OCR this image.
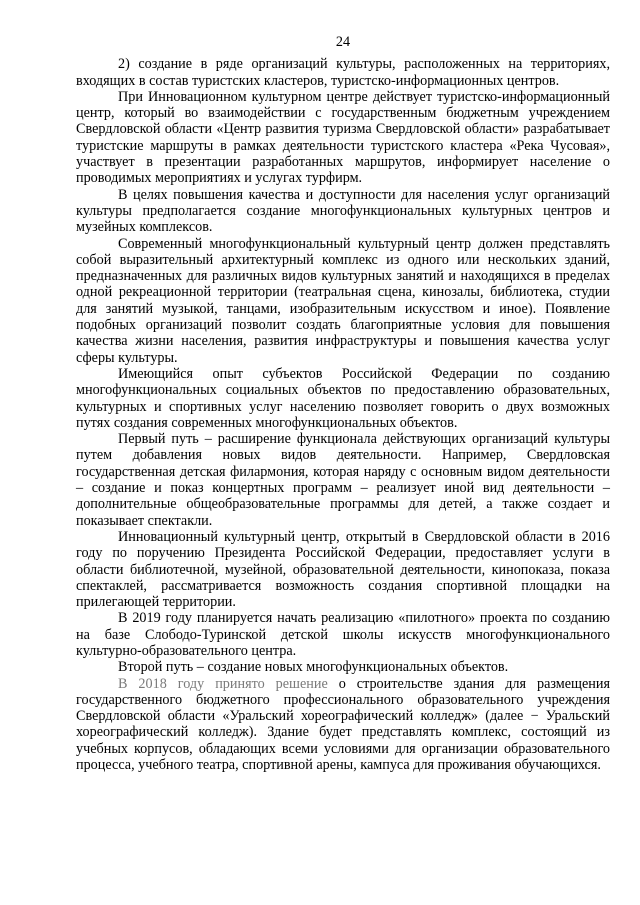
24

2) создание в ряде организаций культуры, расположенных на территориях, входящих в состав туристских кластеров, туристско-информационных центров.

При Инновационном культурном центре действует туристско-информационный центр, который во взаимодействии с государственным бюджетным учреждением Свердловской области «Центр развития туризма Свердловской области» разрабатывает туристские маршруты в рамках деятельности туристского кластера «Река Чусовая», участвует в презентации разработанных маршрутов, информирует население о проводимых мероприятиях и услугах турфирм.

В целях повышения качества и доступности для населения услуг организаций культуры предполагается создание многофункциональных культурных центров и музейных комплексов.

Современный многофункциональный культурный центр должен представлять собой выразительный архитектурный комплекс из одного или нескольких зданий, предназначенных для различных видов культурных занятий и находящихся в пределах одной рекреационной территории (театральная сцена, кинозалы, библиотека, студии для занятий музыкой, танцами, изобразительным искусством и иное). Появление подобных организаций позволит создать благоприятные условия для повышения качества жизни населения, развития инфраструктуры и повышения качества услуг сферы культуры.

Имеющийся опыт субъектов Российской Федерации по созданию многофункциональных социальных объектов по предоставлению образовательных, культурных и спортивных услуг населению позволяет говорить о двух возможных путях создания современных многофункциональных объектов.

Первый путь – расширение функционала действующих организаций культуры путем добавления новых видов деятельности. Например, Свердловская государственная детская филармония, которая наряду с основным видом деятельности – создание и показ концертных программ – реализует иной вид деятельности – дополнительные общеобразовательные программы для детей, а также создает и показывает спектакли.

Инновационный культурный центр, открытый в Свердловской области в 2016 году по поручению Президента Российской Федерации, предоставляет услуги в области библиотечной, музейной, образовательной деятельности, кинопоказа, показа спектаклей, рассматривается возможность создания спортивной площадки на прилегающей территории.

В 2019 году планируется начать реализацию «пилотного» проекта по созданию на базе Слободо-Туринской детской школы искусств многофункционального культурно-образовательного центра.

Второй путь – создание новых многофункциональных объектов.

В 2018 году принято решение о строительстве здания для размещения государственного бюджетного профессионального образовательного учреждения Свердловской области «Уральский хореографический колледж» (далее − Уральский хореографический колледж). Здание будет представлять комплекс, состоящий из учебных корпусов, обладающих всеми условиями для организации образовательного процесса, учебного театра, спортивной арены, кампуса для проживания обучающихся.
